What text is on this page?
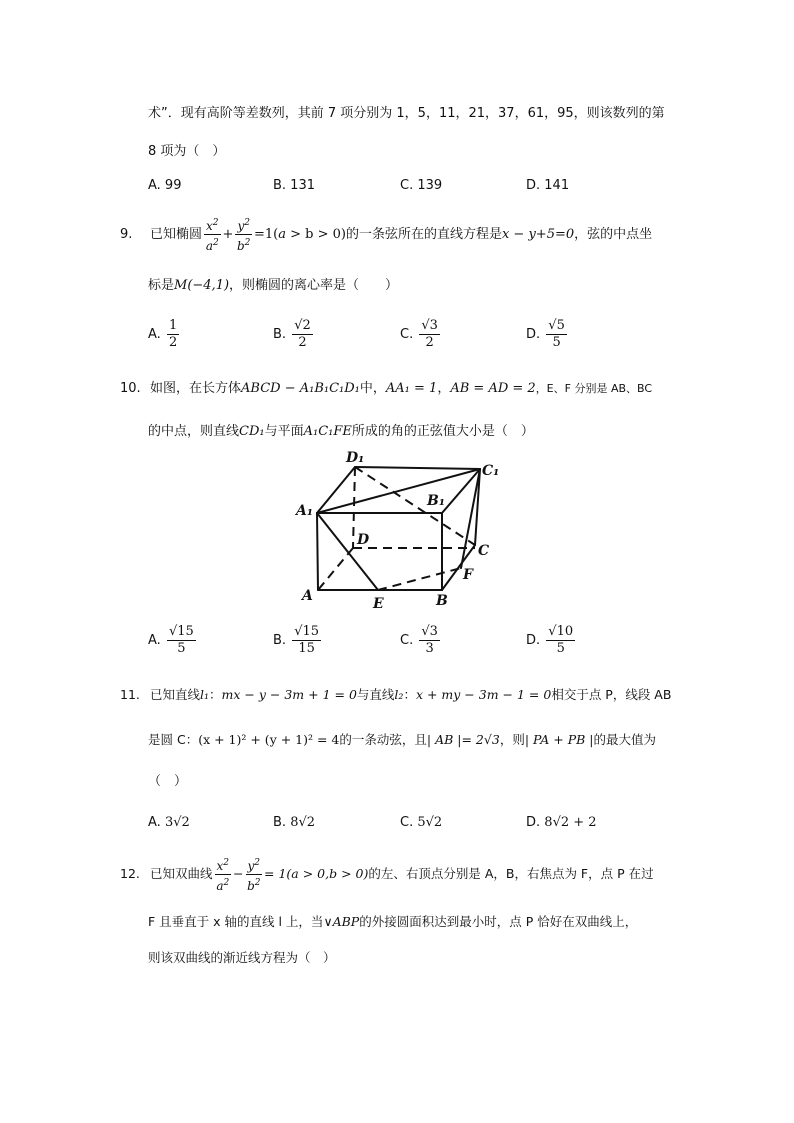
术”．现有高阶等差数列，其前 7 项分别为 1，5，11，21，37，61，95，则该数列的第
8 项为（　）
A. 99	B. 131	C. 139	D. 141
9. 已知椭圆 $\frac{x^2}{a^2} + \frac{y^2}{b^2} =1(a > b > 0)$的一条弦所在的直线方程是x − y+5=0，弦的中点坐
标是M(−4,1)，则椭圆的离心率是（　　）
A. $\frac{1}{2}$	B. $\frac{√2}{2}$	C. $\frac{√3}{2}$	D. $\frac{√5}{5}$
10. 如图，在长方体ABCD − A₁B₁C₁D₁中，AA₁ = 1，AB = AD = 2，E、F 分别是 AB、BC
的中点，则直线CD₁与平面A₁C₁FE所成的角的正弦值大小是（　）
D₁
C₁
A₁
B₁
D
C
F
A	E	B
A. $\frac{√15}{5}$	B. $\frac{√15}{15}$	C. $\frac{√3}{3}$	D. $\frac{√10}{5}$
11. 已知直线l₁：mx − y − 3m + 1 = 0与直线l₂：x + my − 3m − 1 = 0相交于点 P，线段 AB
是圆 C：(x + 1)² + (y + 1)² = 4的一条动弦，且| AB |= 2√3，则| PA + PB |的最大值为
（　）
A. 3√2	B. 8√2	C. 5√2	D. 8√2 + 2
12. 已知双曲线 $\frac{x^2}{a^2} - \frac{y^2}{b^2} = 1(a > 0,b > 0)$的左、右顶点分别是 A，B，右焦点为 F，点 P 在过
F 且垂直于 x 轴的直线 l 上，当∨ABP的外接圆面积达到最小时，点 P 恰好在双曲线上，
则该双曲线的渐近线方程为（　）
